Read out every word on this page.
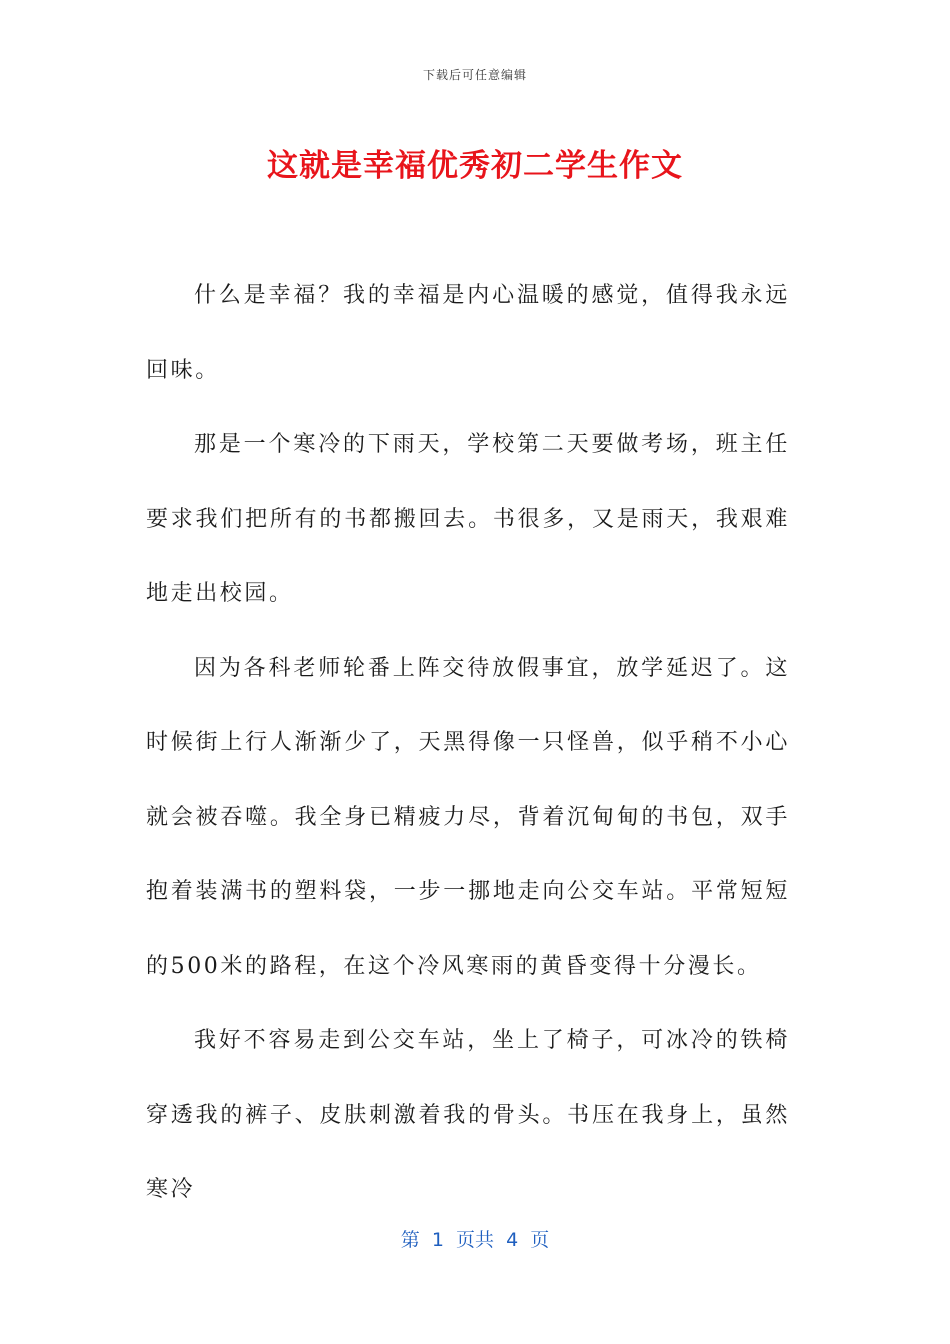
下载后可任意编辑
这就是幸福优秀初二学生作文

什么是幸福？我的幸福是内心温暖的感觉，值得我永远回味。

那是一个寒冷的下雨天，学校第二天要做考场，班主任要求我们把所有的书都搬回去。书很多，又是雨天，我艰难地走出校园。

因为各科老师轮番上阵交待放假事宜，放学延迟了。这时候街上行人渐渐少了，天黑得像一只怪兽，似乎稍不小心就会被吞噬。我全身已精疲力尽，背着沉甸甸的书包，双手抱着装满书的塑料袋，一步一挪地走向公交车站。平常短短的500米的路程，在这个冷风寒雨的黄昏变得十分漫长。

我好不容易走到公交车站，坐上了椅子，可冰冷的铁椅穿透我的裤子、皮肤刺激着我的骨头。书压在我身上，虽然寒冷

第  1  页共  4  页
